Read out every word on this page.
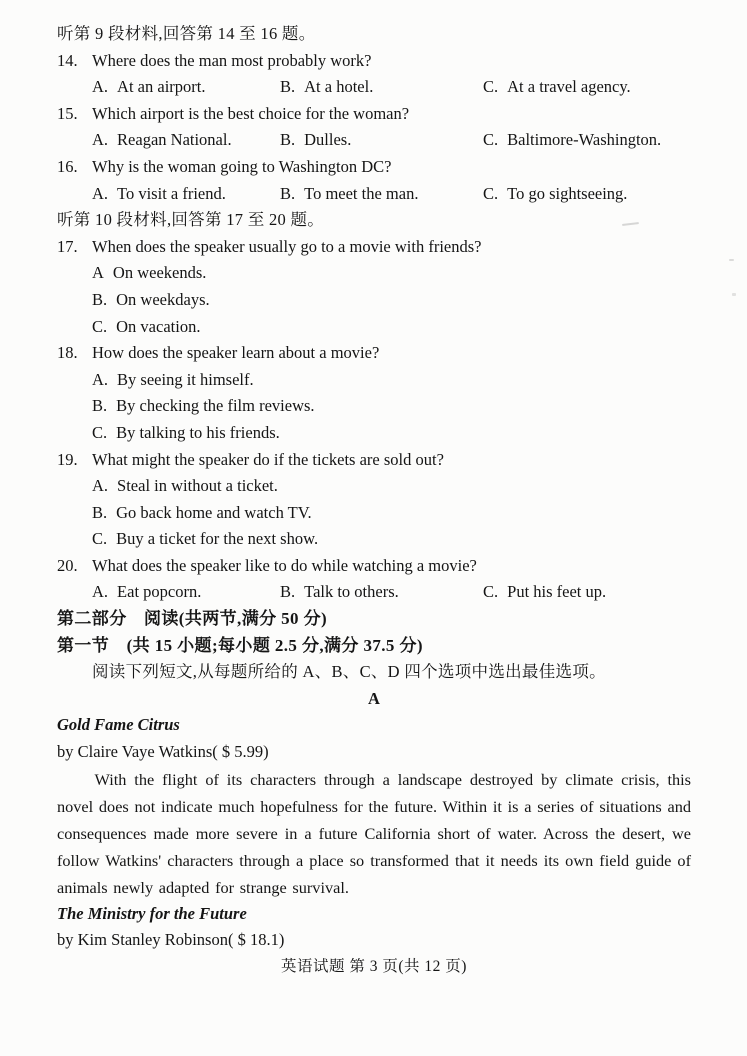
听第 9 段材料,回答第 14 至 16 题。
14. Where does the man most probably work?
A. At an airport.	B. At a hotel.	C. At a travel agency.
15. Which airport is the best choice for the woman?
A. Reagan National.	B. Dulles.	C. Baltimore-Washington.
16. Why is the woman going to Washington DC?
A. To visit a friend.	B. To meet the man.	C. To go sightseeing.
听第 10 段材料,回答第 17 至 20 题。
17. When does the speaker usually go to a movie with friends?
A On weekends.
B. On weekdays.
C. On vacation.
18. How does the speaker learn about a movie?
A. By seeing it himself.
B. By checking the film reviews.
C. By talking to his friends.
19. What might the speaker do if the tickets are sold out?
A. Steal in without a ticket.
B. Go back home and watch TV.
C. Buy a ticket for the next show.
20. What does the speaker like to do while watching a movie?
A. Eat popcorn.	B. Talk to others.	C. Put his feet up.
第二部分　阅读(共两节,满分 50 分)
第一节　(共 15 小题;每小题 2.5 分,满分 37.5 分)
阅读下列短文,从每题所给的 A、B、C、D 四个选项中选出最佳选项。
A
Gold Fame Citrus
by Claire Vaye Watkins( $ 5.99)
With the flight of its characters through a landscape destroyed by climate crisis, this novel does not indicate much hopefulness for the future. Within it is a series of situations and consequences made more severe in a future California short of water. Across the desert, we follow Watkins' characters through a place so transformed that it needs its own field guide of animals newly adapted for strange survival.
The Ministry for the Future
by Kim Stanley Robinson( $ 18.1)
英语试题 第 3 页(共 12 页)
